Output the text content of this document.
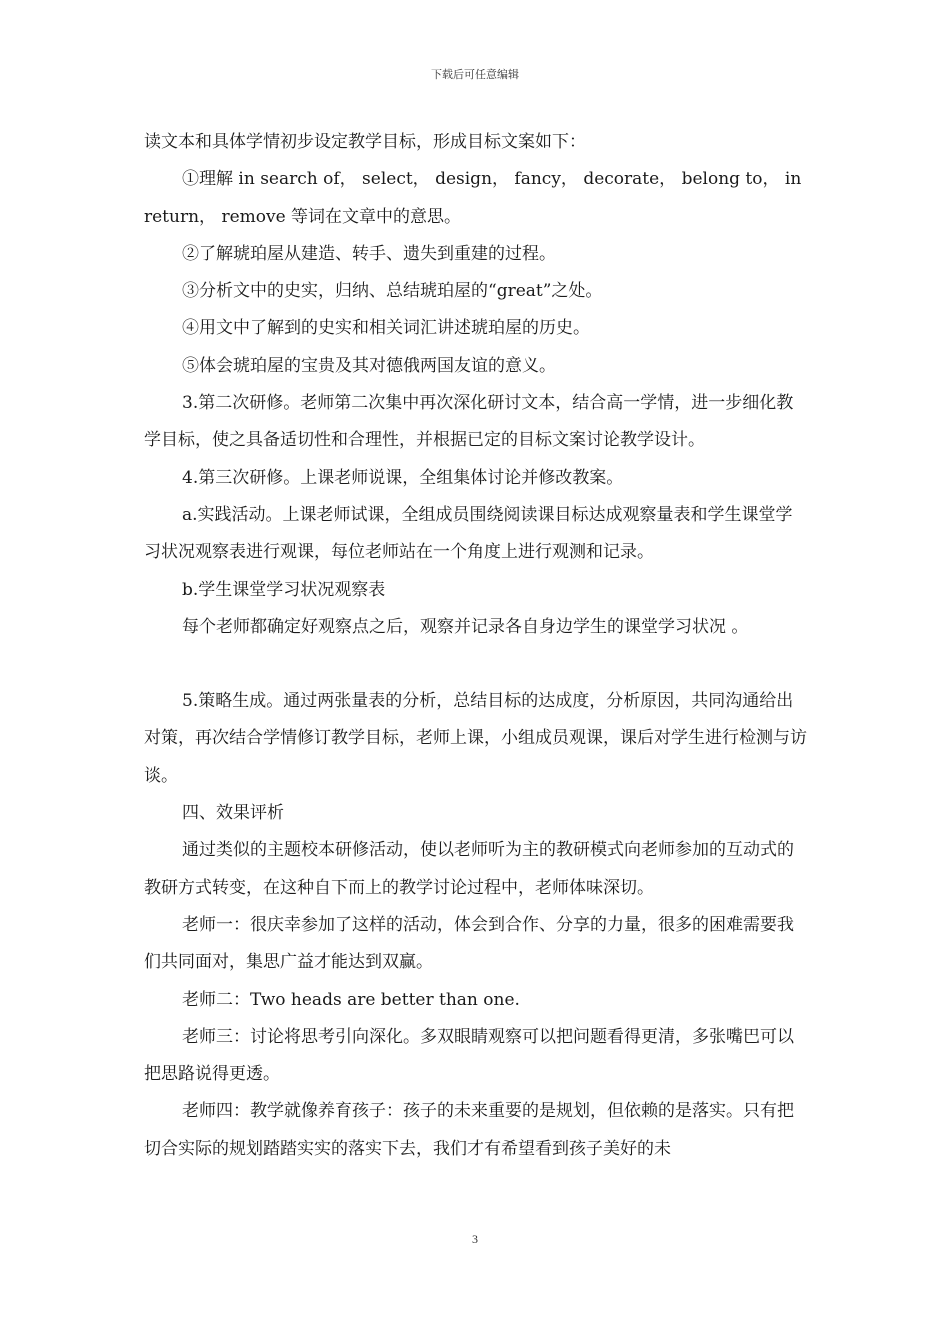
下载后可任意编辑

读文本和具体学情初步设定教学目标，形成目标文案如下：

①理解 in search of， select， design， fancy， decorate， belong to， in return， remove 等词在文章中的意思。

②了解琥珀屋从建造、转手、遗失到重建的过程。

③分析文中的史实，归纳、总结琥珀屋的“great”之处。

④用文中了解到的史实和相关词汇讲述琥珀屋的历史。

⑤体会琥珀屋的宝贵及其对德俄两国友谊的意义。

3.第二次研修。老师第二次集中再次深化研讨文本，结合高一学情，进一步细化教学目标，使之具备适切性和合理性，并根据已定的目标文案讨论教学设计。

4.第三次研修。上课老师说课，全组集体讨论并修改教案。

a.实践活动。上课老师试课，全组成员围绕阅读课目标达成观察量表和学生课堂学习状况观察表进行观课，每位老师站在一个角度上进行观测和记录。

b.学生课堂学习状况观察表

每个老师都确定好观察点之后，观察并记录各自身边学生的课堂学习状况 。

5.策略生成。通过两张量表的分析，总结目标的达成度，分析原因，共同沟通给出对策，再次结合学情修订教学目标，老师上课，小组成员观课，课后对学生进行检测与访谈。

四、效果评析

通过类似的主题校本研修活动，使以老师听为主的教研模式向老师参加的互动式的教研方式转变，在这种自下而上的教学讨论过程中，老师体味深切。

老师一：很庆幸参加了这样的活动，体会到合作、分享的力量，很多的困难需要我们共同面对，集思广益才能达到双赢。

老师二：Two heads are better than one.

老师三：讨论将思考引向深化。多双眼睛观察可以把问题看得更清，多张嘴巴可以把思路说得更透。

老师四：教学就像养育孩子：孩子的未来重要的是规划，但依赖的是落实。只有把切合实际的规划踏踏实实的落实下去，我们才有希望看到孩子美好的未

3
